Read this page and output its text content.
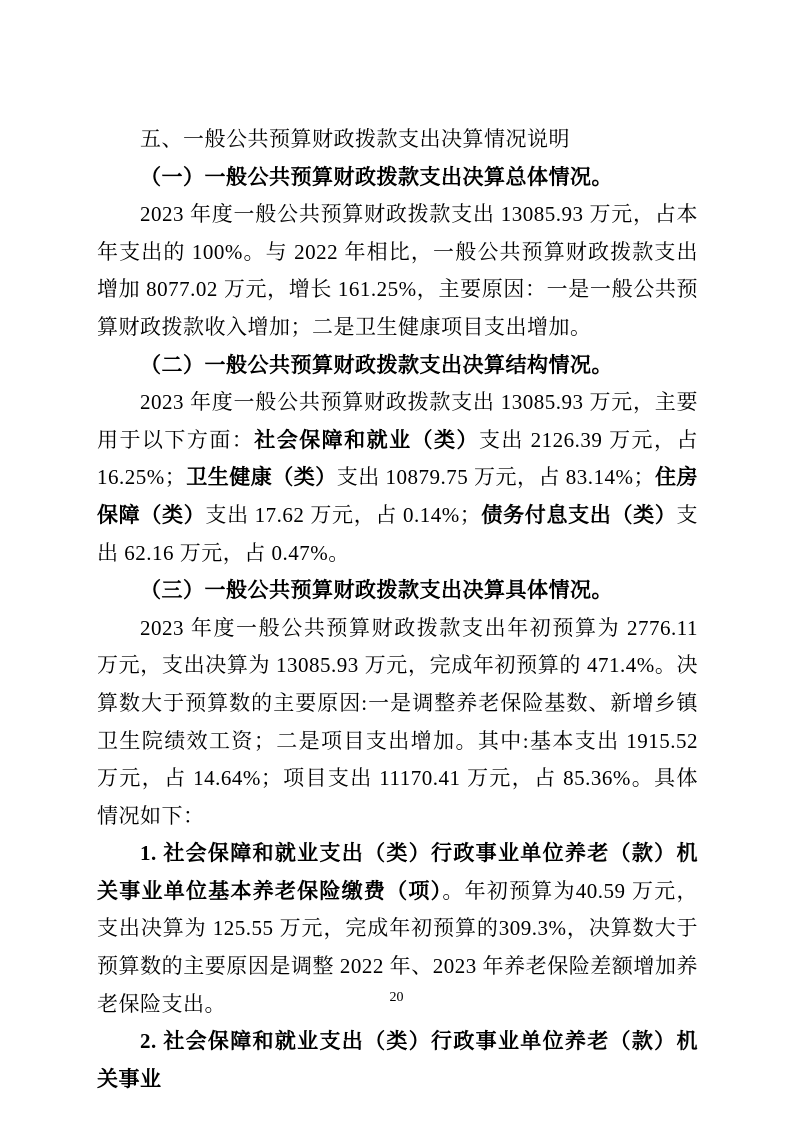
五、一般公共预算财政拨款支出决算情况说明

（一）一般公共预算财政拨款支出决算总体情况。

2023 年度一般公共预算财政拨款支出 13085.93 万元，占本年支出的 100%。与 2022 年相比，一般公共预算财政拨款支出增加 8077.02 万元，增长 161.25%，主要原因：一是一般公共预算财政拨款收入增加；二是卫生健康项目支出增加。

（二）一般公共预算财政拨款支出决算结构情况。

2023 年度一般公共预算财政拨款支出 13085.93 万元，主要用于以下方面：社会保障和就业（类）支出 2126.39 万元，占 16.25%；卫生健康（类）支出 10879.75 万元，占 83.14%；住房保障（类）支出 17.62 万元，占 0.14%；债务付息支出（类）支出 62.16 万元，占 0.47%。

（三）一般公共预算财政拨款支出决算具体情况。

2023 年度一般公共预算财政拨款支出年初预算为 2776.11 万元，支出决算为 13085.93 万元，完成年初预算的 471.4%。决算数大于预算数的主要原因:一是调整养老保险基数、新增乡镇卫生院绩效工资；二是项目支出增加。其中:基本支出 1915.52 万元，占 14.64%；项目支出 11170.41 万元，占 85.36%。具体情况如下：

1. 社会保障和就业支出（类）行政事业单位养老（款）机关事业单位基本养老保险缴费（项）。年初预算为40.59 万元，支出决算为 125.55 万元，完成年初预算的309.3%，决算数大于预算数的主要原因是调整 2022 年、2023 年养老保险差额增加养老保险支出。

2. 社会保障和就业支出（类）行政事业单位养老（款）机关事业

20
